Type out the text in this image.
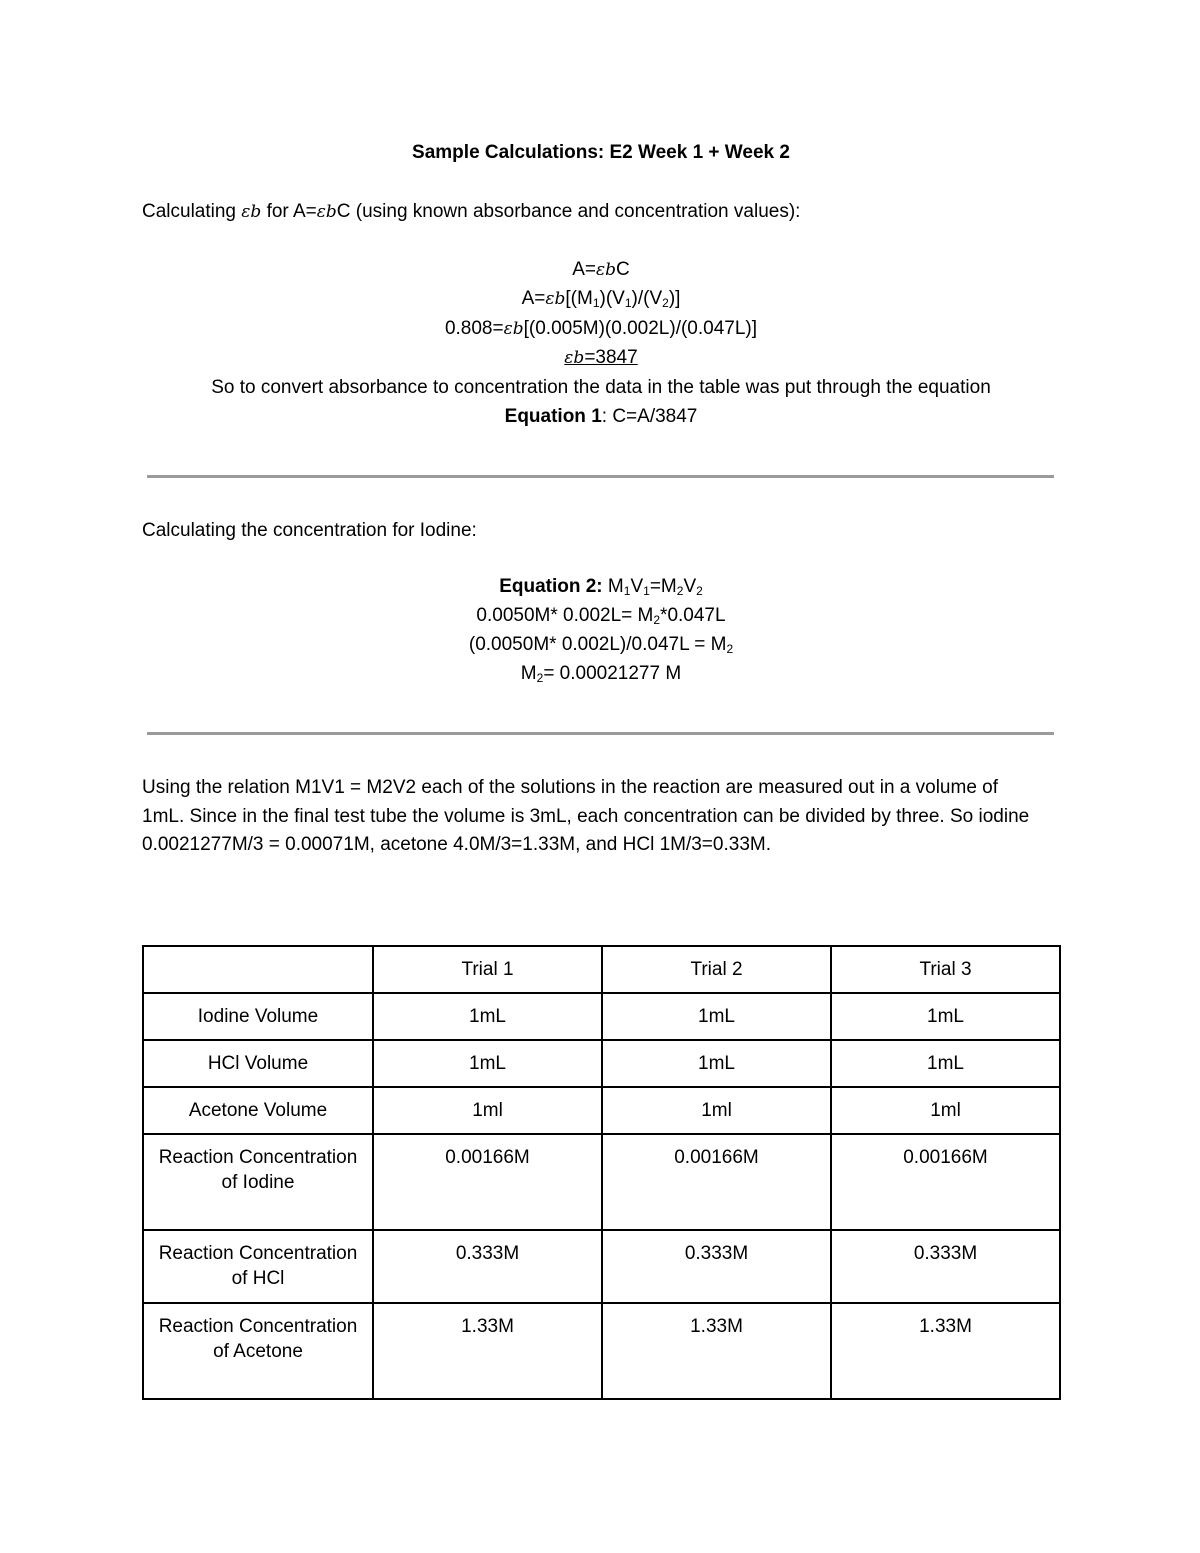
Sample Calculations: E2 Week 1 + Week 2
Calculating εb for A=εbC (using known absorbance and concentration values):
A=εbC
$A=\varepsilon b[(M_1)(V_1)/(V_2)]$
0.808=εb[(0.005M)(0.002L)/(0.047L)]
εb=3847
So to convert absorbance to concentration the data in the table was put through the equation
Equation 1: C=A/3847
Calculating the concentration for Iodine:
Equation 2: $M_1V_1=M_2V_2$
0.0050M* $0.002L= M_2*0.047L$
(0.0050M* $0.002L)/0.047L = M_2$
$M_2= 0.00021277$ M
Using the relation M1V1 = M2V2 each of the solutions in the reaction are measured out in a volume of 1mL. Since in the final test tube the volume is 3mL, each concentration can be divided by three. So iodine 0.0021277M/3 = 0.00071M, acetone 4.0M/3=1.33M, and HCl 1M/3=0.33M.
	Trial 1	Trial 2	Trial 3
Iodine Volume	1mL	1mL	1mL
HCl Volume	1mL	1mL	1mL
Acetone Volume	1ml	1ml	1ml
Reaction Concentration of Iodine	0.00166M	0.00166M	0.00166M
Reaction Concentration of HCl	0.333M	0.333M	0.333M
Reaction Concentration of Acetone	1.33M	1.33M	1.33M
